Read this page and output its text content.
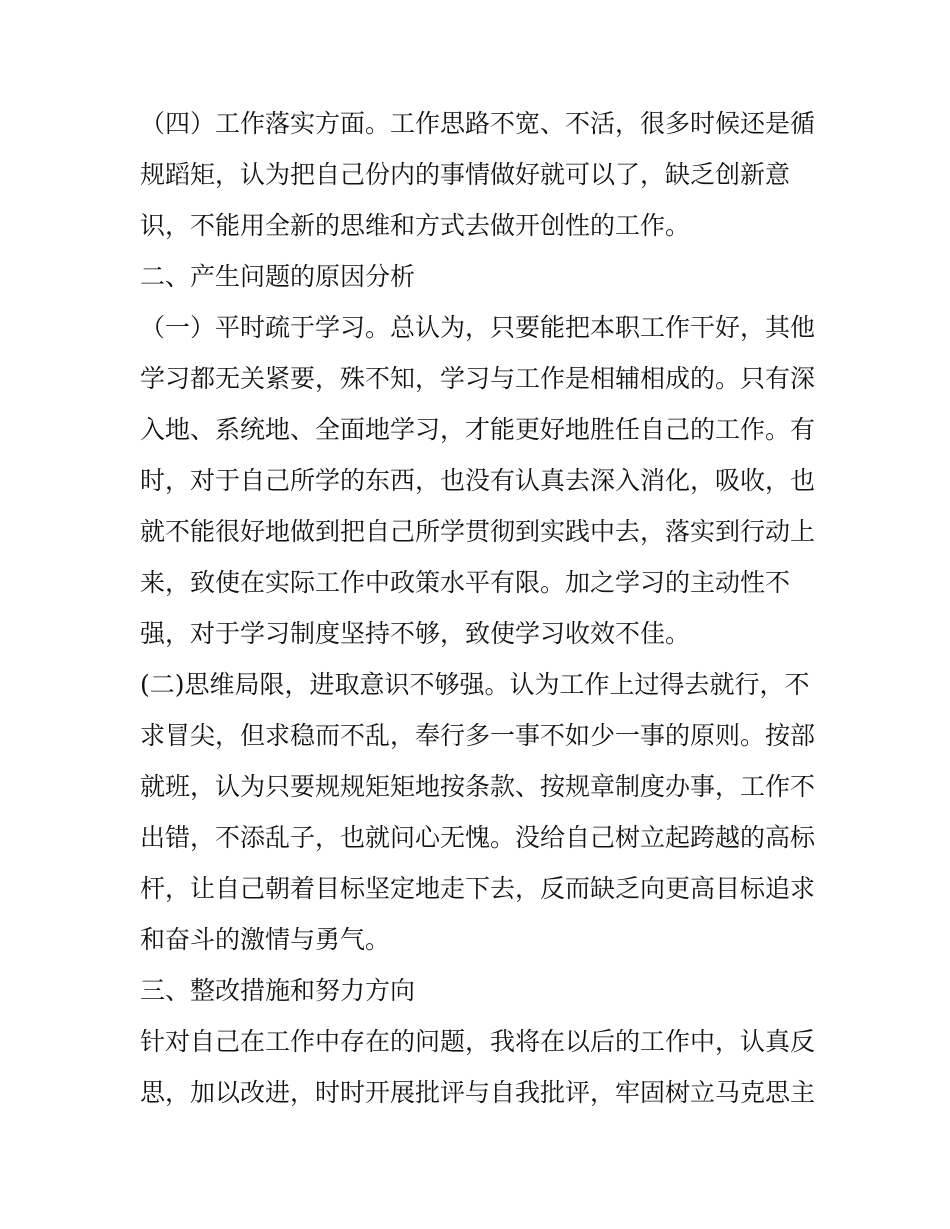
（四）工作落实方面。工作思路不宽、不活，很多时候还是循
规蹈矩，认为把自己份内的事情做好就可以了，缺乏创新意
识，不能用全新的思维和方式去做开创性的工作。
二、产生问题的原因分析
（一）平时疏于学习。总认为，只要能把本职工作干好，其他
学习都无关紧要，殊不知，学习与工作是相辅相成的。只有深
入地、系统地、全面地学习，才能更好地胜任自己的工作。有
时，对于自己所学的东西，也没有认真去深入消化，吸收，也
就不能很好地做到把自己所学贯彻到实践中去，落实到行动上
来，致使在实际工作中政策水平有限。加之学习的主动性不
强，对于学习制度坚持不够，致使学习收效不佳。
(二)思维局限，进取意识不够强。认为工作上过得去就行，不
求冒尖，但求稳而不乱，奉行多一事不如少一事的原则。按部
就班，认为只要规规矩矩地按条款、按规章制度办事，工作不
出错，不添乱子，也就问心无愧。没给自己树立起跨越的高标
杆，让自己朝着目标坚定地走下去，反而缺乏向更高目标追求
和奋斗的激情与勇气。
三、整改措施和努力方向
针对自己在工作中存在的问题，我将在以后的工作中，认真反
思，加以改进，时时开展批评与自我批评，牢固树立马克思主
